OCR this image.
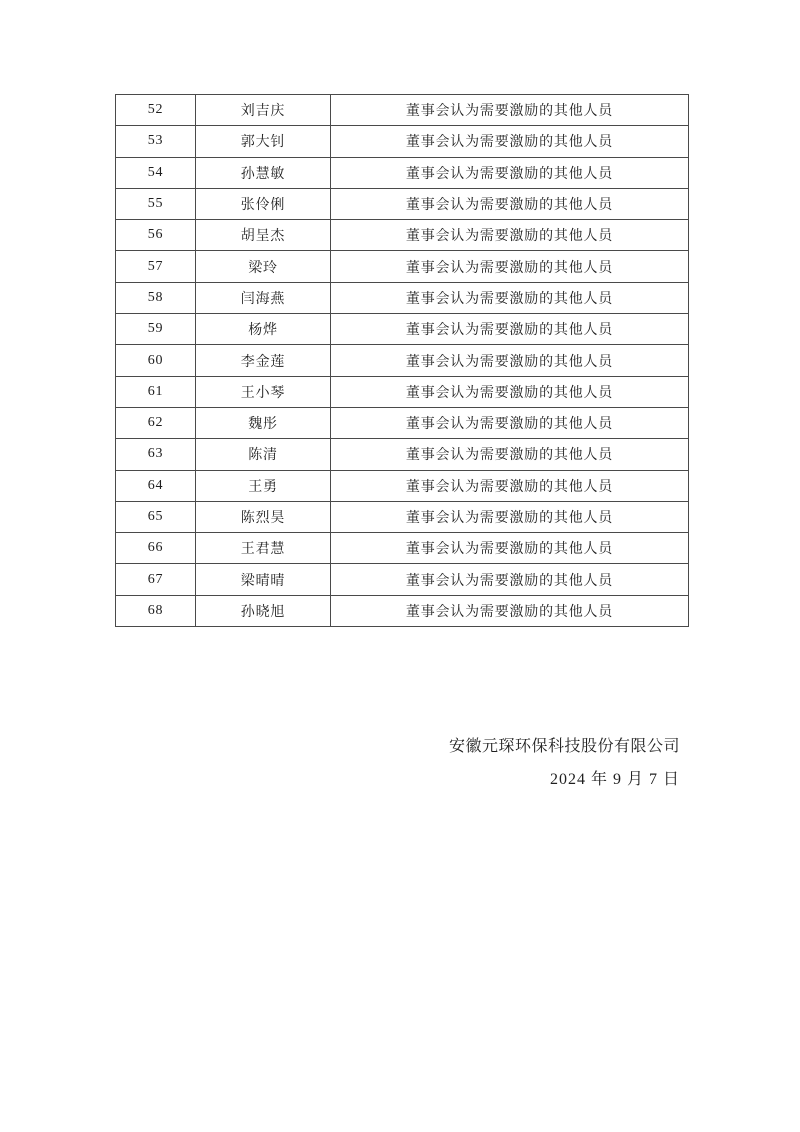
52	刘吉庆	董事会认为需要激励的其他人员
53	郭大钊	董事会认为需要激励的其他人员
54	孙慧敏	董事会认为需要激励的其他人员
55	张伶俐	董事会认为需要激励的其他人员
56	胡呈杰	董事会认为需要激励的其他人员
57	梁玲	董事会认为需要激励的其他人员
58	闫海燕	董事会认为需要激励的其他人员
59	杨烨	董事会认为需要激励的其他人员
60	李金莲	董事会认为需要激励的其他人员
61	王小琴	董事会认为需要激励的其他人员
62	魏彤	董事会认为需要激励的其他人员
63	陈清	董事会认为需要激励的其他人员
64	王勇	董事会认为需要激励的其他人员
65	陈烈昊	董事会认为需要激励的其他人员
66	王君慧	董事会认为需要激励的其他人员
67	梁晴晴	董事会认为需要激励的其他人员
68	孙晓旭	董事会认为需要激励的其他人员
安徽元琛环保科技股份有限公司
2024 年 9 月 7 日
